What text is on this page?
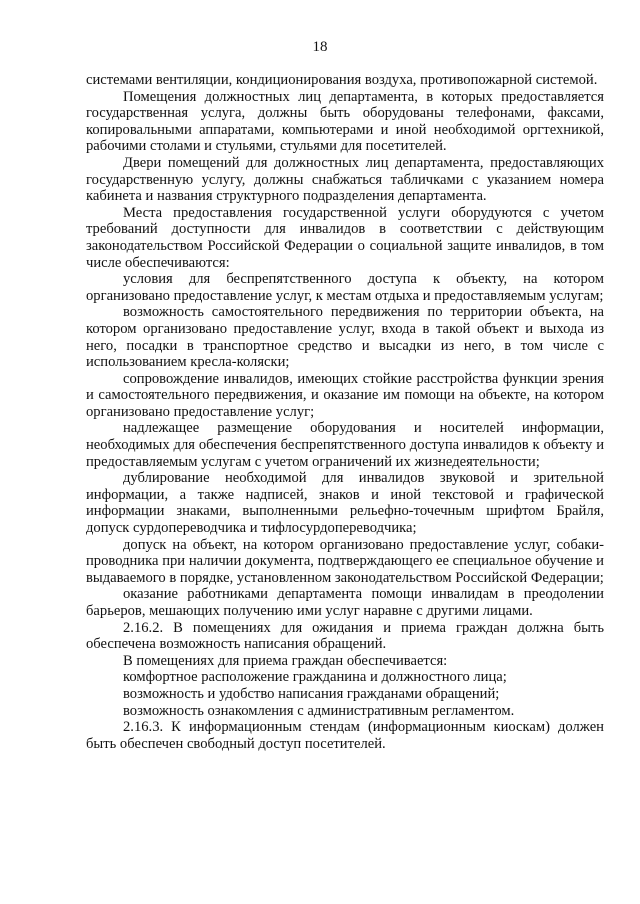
18

системами вентиляции, кондиционирования воздуха, противопожарной системой.

Помещения должностных лиц департамента, в которых предоставляется государственная услуга, должны быть оборудованы телефонами, факсами, копировальными аппаратами, компьютерами и иной необходимой оргтехникой, рабочими столами и стульями, стульями для посетителей.

Двери помещений для должностных лиц департамента, предоставляющих государственную услугу, должны снабжаться табличками с указанием номера кабинета и названия структурного подразделения департамента.

Места предоставления государственной услуги оборудуются с учетом требований доступности для инвалидов в соответствии с действующим законодательством Российской Федерации о социальной защите инвалидов, в том числе обеспечиваются:

условия для беспрепятственного доступа к объекту, на котором организовано предоставление услуг, к местам отдыха и предоставляемым услугам;

возможность самостоятельного передвижения по территории объекта, на котором организовано предоставление услуг, входа в такой объект и выхода из него, посадки в транспортное средство и высадки из него, в том числе с использованием кресла-коляски;

сопровождение инвалидов, имеющих стойкие расстройства функции зрения и самостоятельного передвижения, и оказание им помощи на объекте, на котором организовано предоставление услуг;

надлежащее размещение оборудования и носителей информации, необходимых для обеспечения беспрепятственного доступа инвалидов к объекту и предоставляемым услугам с учетом ограничений их жизнедеятельности;

дублирование необходимой для инвалидов звуковой и зрительной информации, а также надписей, знаков и иной текстовой и графической информации знаками, выполненными рельефно-точечным шрифтом Брайля, допуск сурдопереводчика и тифлосурдопереводчика;

допуск на объект, на котором организовано предоставление услуг, собаки-проводника при наличии документа, подтверждающего ее специальное обучение и выдаваемого в порядке, установленном законодательством Российской Федерации;

оказание работниками департамента помощи инвалидам в преодолении барьеров, мешающих получению ими услуг наравне с другими лицами.

2.16.2. В помещениях для ожидания и приема граждан должна быть обеспечена возможность написания обращений.

В помещениях для приема граждан обеспечивается:

комфортное расположение гражданина и должностного лица;

возможность и удобство написания гражданами обращений;

возможность ознакомления с административным регламентом.

2.16.3. К информационным стендам (информационным киоскам) должен быть обеспечен свободный доступ посетителей.
